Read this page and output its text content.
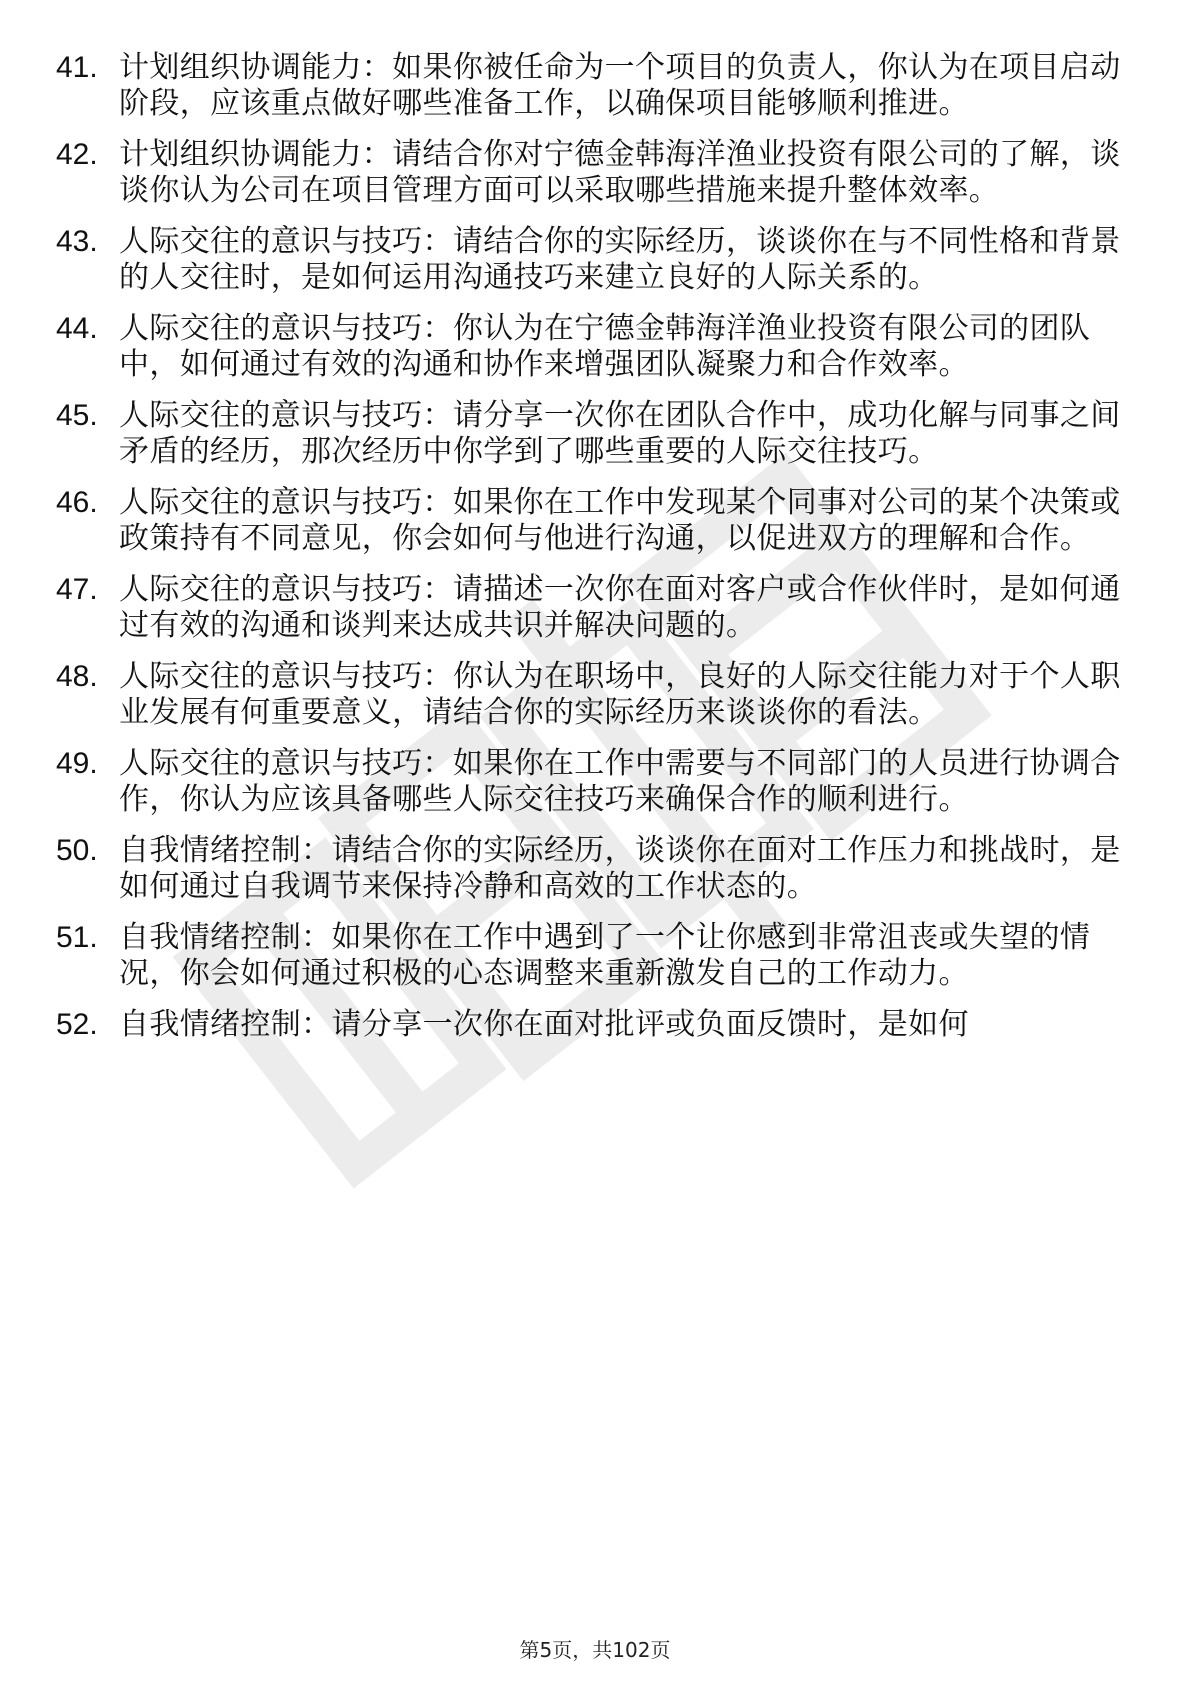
41. 计划组织协调能力：如果你被任命为一个项目的负责人，你认为在项目启动阶段，应该重点做好哪些准备工作，以确保项目能够顺利推进。
42. 计划组织协调能力：请结合你对宁德金韩海洋渔业投资有限公司的了解，谈谈你认为公司在项目管理方面可以采取哪些措施来提升整体效率。
43. 人际交往的意识与技巧：请结合你的实际经历，谈谈你在与不同性格和背景的人交往时，是如何运用沟通技巧来建立良好的人际关系的。
44. 人际交往的意识与技巧：你认为在宁德金韩海洋渔业投资有限公司的团队中，如何通过有效的沟通和协作来增强团队凝聚力和合作效率。
45. 人际交往的意识与技巧：请分享一次你在团队合作中，成功化解与同事之间矛盾的经历，那次经历中你学到了哪些重要的人际交往技巧。
46. 人际交往的意识与技巧：如果你在工作中发现某个同事对公司的某个决策或政策持有不同意见，你会如何与他进行沟通，以促进双方的理解和合作。
47. 人际交往的意识与技巧：请描述一次你在面对客户或合作伙伴时，是如何通过有效的沟通和谈判来达成共识并解决问题的。
48. 人际交往的意识与技巧：你认为在职场中，良好的人际交往能力对于个人职业发展有何重要意义，请结合你的实际经历来谈谈你的看法。
49. 人际交往的意识与技巧：如果你在工作中需要与不同部门的人员进行协调合作，你认为应该具备哪些人际交往技巧来确保合作的顺利进行。
50. 自我情绪控制：请结合你的实际经历，谈谈你在面对工作压力和挑战时，是如何通过自我调节来保持冷静和高效的工作状态的。
51. 自我情绪控制：如果你在工作中遇到了一个让你感到非常沮丧或失望的情况，你会如何通过积极的心态调整来重新激发自己的工作动力。
52. 自我情绪控制：请分享一次你在面对批评或负面反馈时，是如何
第5页，共102页
